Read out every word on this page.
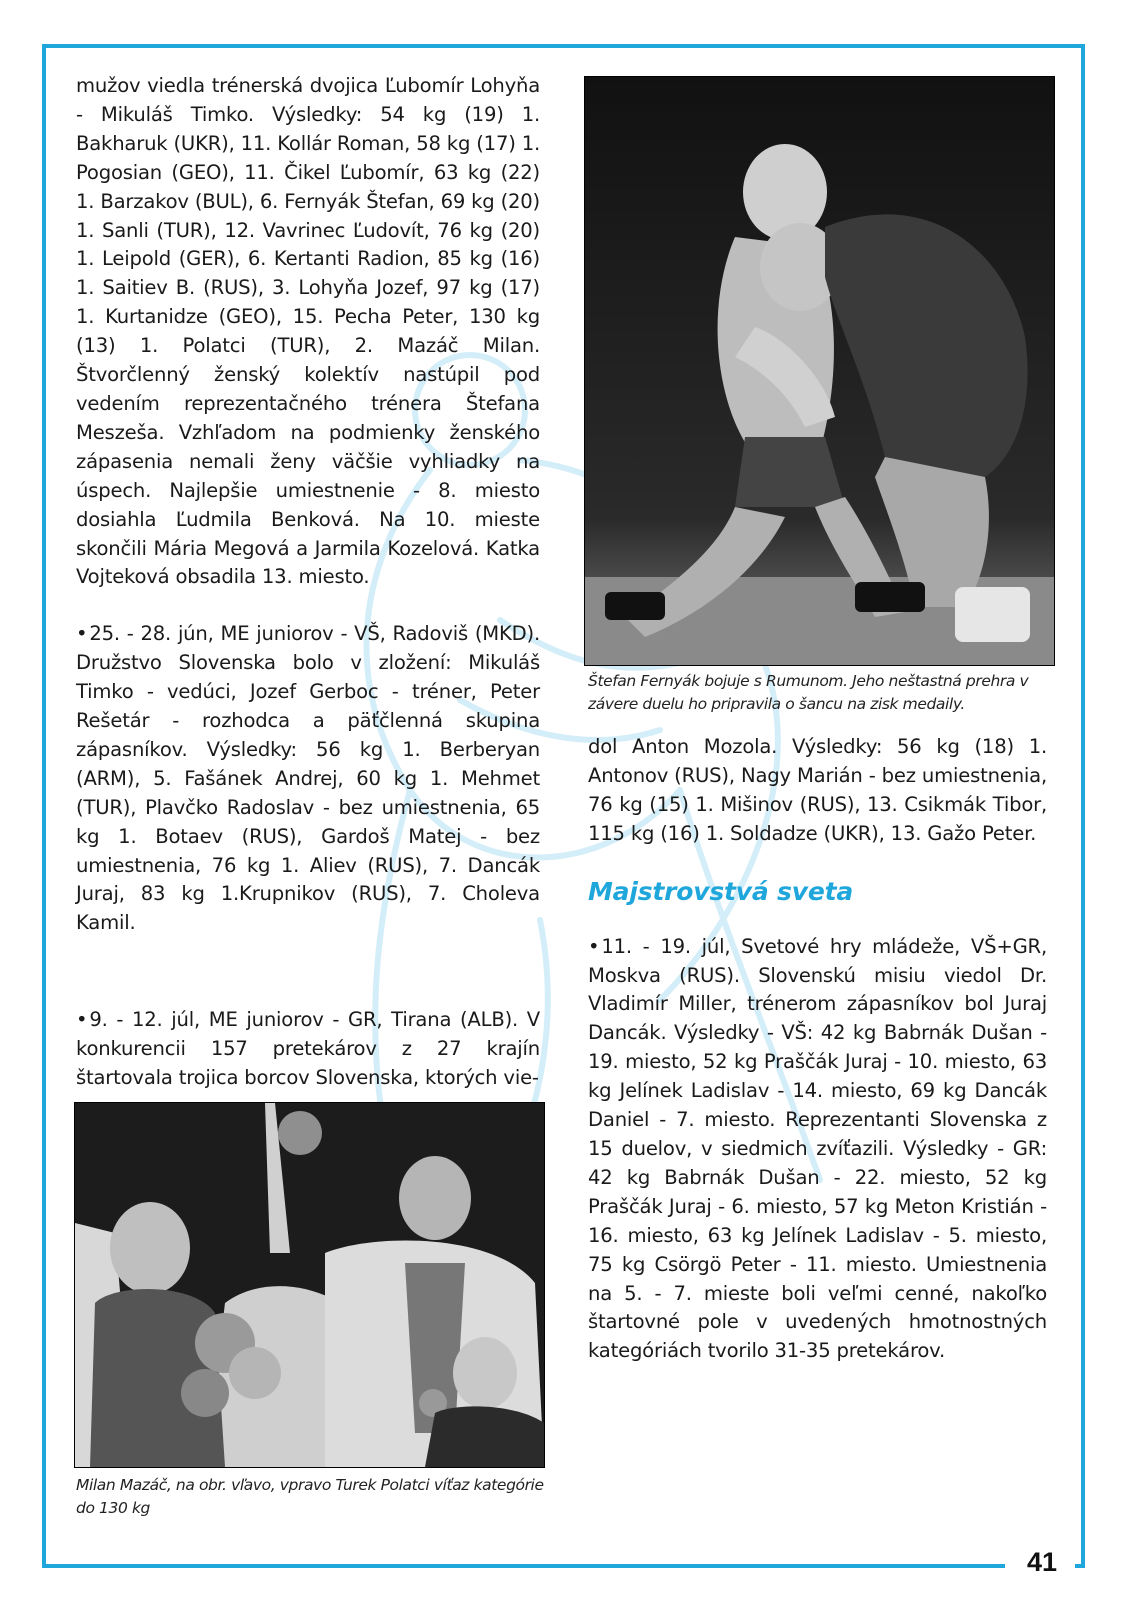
41

mužov viedla trénerská dvojica Ľubomír Lohyňa - Mikuláš Timko. Výsledky: 54 kg (19) 1. Bakharuk (UKR), 11. Kollár Roman, 58 kg (17) 1. Pogosian (GEO), 11. Čikel Ľubomír, 63 kg (22) 1. Barzakov (BUL), 6. Fernyák Štefan, 69 kg (20) 1. Sanli (TUR), 12. Vavrinec Ľudovít, 76 kg (20) 1. Leipold (GER), 6. Kertanti Radion, 85 kg (16) 1. Saitiev B. (RUS), 3. Lohyňa Jozef, 97 kg (17) 1. Kurtanidze (GEO), 15. Pecha Peter, 130 kg (13) 1. Polatci (TUR), 2. Mazáč Milan. Štvorčlenný ženský kolektív nastúpil pod vedením reprezentačného trénera Štefana Meszeša. Vzhľadom na podmienky ženského zápasenia nemali ženy väčšie vyhliadky na úspech. Najlepšie umiestnenie - 8. miesto dosiahla Ľudmila Benková. Na 10. mieste skončili Mária Megová a Jarmila Kozelová. Katka Vojteková obsadila 13. miesto.

• 25. - 28. jún, ME juniorov - VŠ, Radoviš (MKD). Družstvo Slovenska bolo v zložení: Mikuláš Timko - vedúci, Jozef Gerboc - tréner, Peter Rešetár - rozhodca a päťčlenná skupina zápasníkov. Výsledky: 56 kg 1. Berberyan (ARM), 5. Fašánek Andrej, 60 kg 1. Mehmet (TUR), Plavčko Radoslav - bez umiestnenia, 65 kg 1. Botaev (RUS), Gardoš Matej - bez umiestnenia, 76 kg 1. Aliev (RUS), 7. Dancák Juraj, 83 kg 1.Krupnikov (RUS), 7. Choleva Kamil.

• 9. - 12. júl, ME juniorov - GR, Tirana (ALB). V konkurencii 157 pretekárov z 27 krajín štartovala trojica borcov Slovenska, ktorých vie-

Štefan Fernyák bojuje s Rumunom. Jeho neštastná prehra v závere duelu ho pripravila o šancu na zisk medaily.

dol Anton Mozola. Výsledky: 56 kg (18) 1. Antonov (RUS), Nagy Marián - bez umiestnenia, 76 kg (15) 1. Mišinov (RUS), 13. Csikmák Tibor, 115 kg (16) 1. Soldadze (UKR), 13. Gažo Peter.

Majstrovstvá sveta

• 11. - 19. júl, Svetové hry mládeže, VŠ+GR, Moskva (RUS). Slovenskú misiu viedol Dr. Vladimír Miller, trénerom zápasníkov bol Juraj Dancák. Výsledky - VŠ: 42 kg Babrnák Dušan - 19. miesto, 52 kg Praščák Juraj - 10. miesto, 63 kg Jelínek Ladislav - 14. miesto, 69 kg Dancák Daniel - 7. miesto. Reprezentanti Slovenska z 15 duelov, v siedmich zvíťazili. Výsledky - GR: 42 kg Babrnák Dušan - 22. miesto, 52 kg Praščák Juraj - 6. miesto, 57 kg Meton Kristián - 16. miesto, 63 kg Jelínek Ladislav - 5. miesto, 75 kg Csörgö Peter - 11. miesto. Umiestnenia na 5. - 7. mieste boli veľmi cenné, nakoľko štartovné pole v uvedených hmotnostných kategóriách tvorilo 31-35 pretekárov.

Milan Mazáč, na obr. vľavo, vpravo Turek Polatci víťaz kategórie do 130 kg
